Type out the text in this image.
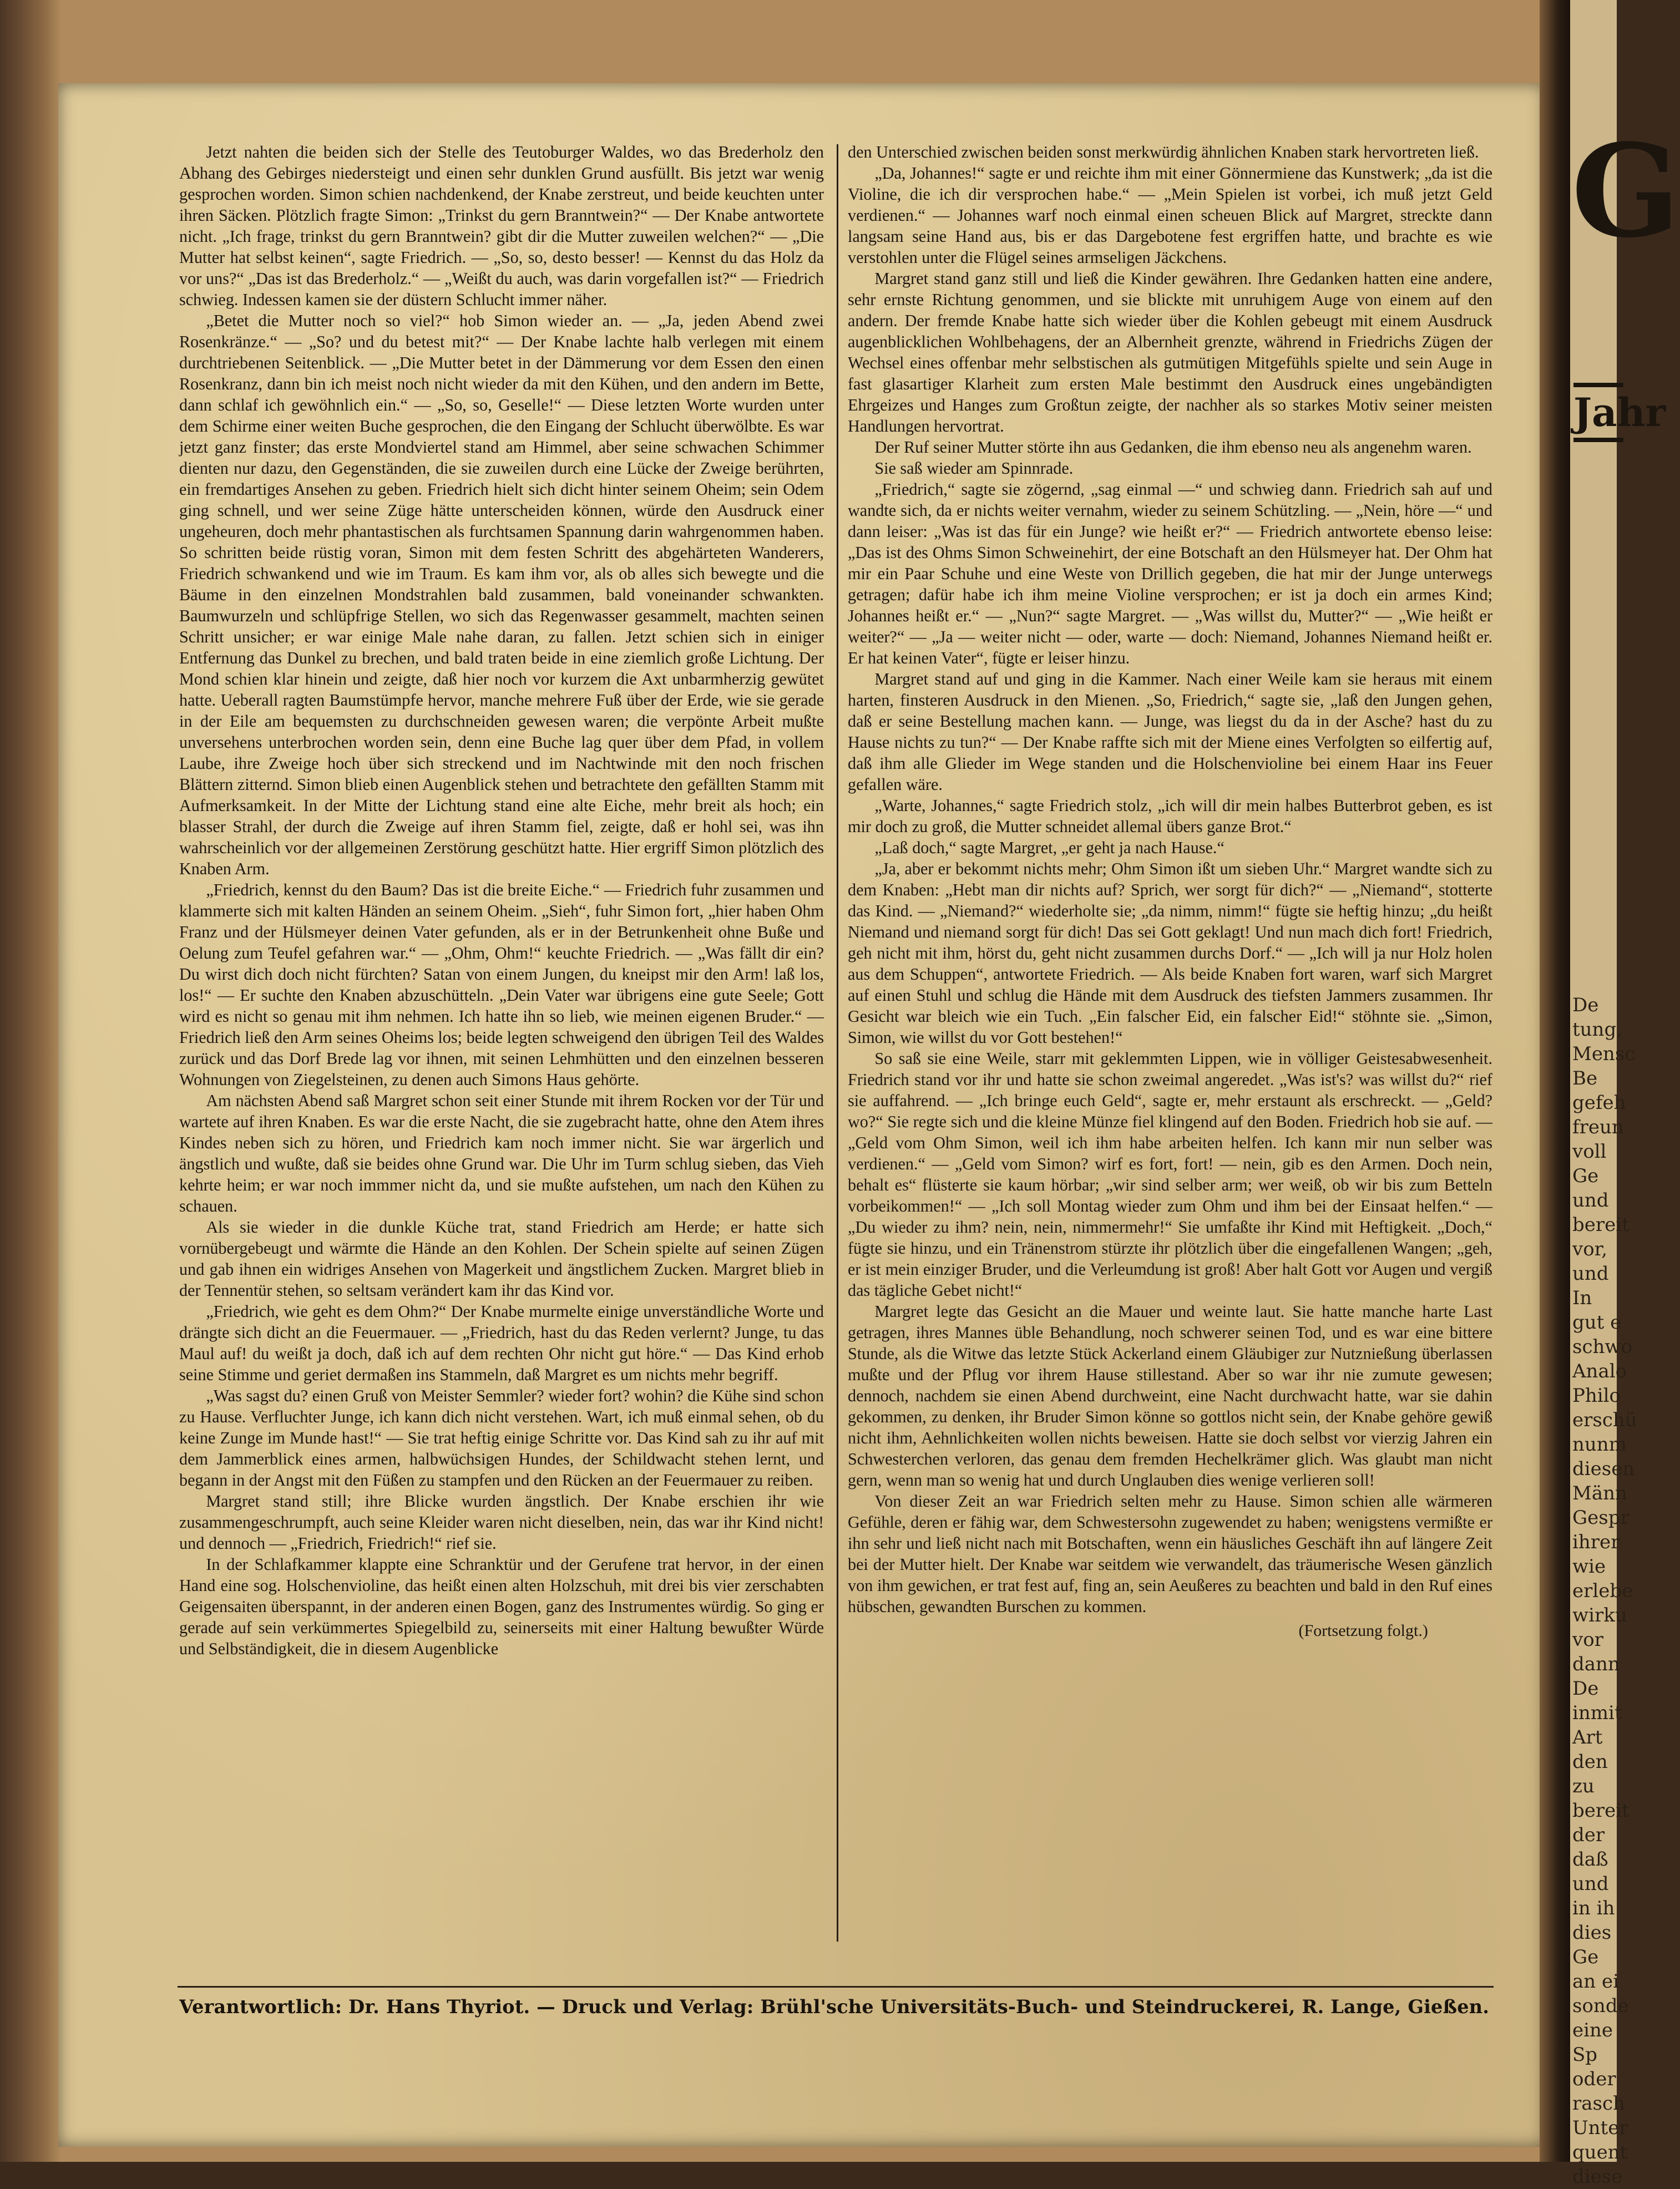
Jetzt nahten die beiden sich der Stelle des Teutoburger Waldes, wo das Brederholz den Abhang des Gebirges niedersteigt und einen sehr dunklen Grund ausfüllt. Bis jetzt war wenig gesprochen worden. Simon schien nachdenkend, der Knabe zerstreut, und beide keuchten unter ihren Säcken. Plötzlich fragte Simon: „Trinkst du gern Branntwein?“ — Der Knabe antwortete nicht. „Ich frage, trinkst du gern Branntwein? gibt dir die Mutter zuweilen welchen?“ — „Die Mutter hat selbst keinen“, sagte Friedrich. — „So, so, desto besser! — Kennst du das Holz da vor uns?“ „Das ist das Brederholz.“ — „Weißt du auch, was darin vorgefallen ist?“ — Friedrich schwieg. Indessen kamen sie der düstern Schlucht immer näher.

„Betet die Mutter noch so viel?“ hob Simon wieder an. — „Ja, jeden Abend zwei Rosenkränze.“ — „So? und du betest mit?“ — Der Knabe lachte halb verlegen mit einem durchtriebenen Seitenblick. — „Die Mutter betet in der Dämmerung vor dem Essen den einen Rosenkranz, dann bin ich meist noch nicht wieder da mit den Kühen, und den andern im Bette, dann schlaf ich gewöhnlich ein.“ — „So, so, Geselle!“ — Diese letzten Worte wurden unter dem Schirme einer weiten Buche gesprochen, die den Eingang der Schlucht überwölbte. Es war jetzt ganz finster; das erste Mondviertel stand am Himmel, aber seine schwachen Schimmer dienten nur dazu, den Gegenständen, die sie zuweilen durch eine Lücke der Zweige berührten, ein fremdartiges Ansehen zu geben. Friedrich hielt sich dicht hinter seinem Oheim; sein Odem ging schnell, und wer seine Züge hätte unterscheiden können, würde den Ausdruck einer ungeheuren, doch mehr phantastischen als furchtsamen Spannung darin wahrgenommen haben. So schritten beide rüstig voran, Simon mit dem festen Schritt des abgehärteten Wanderers, Friedrich schwankend und wie im Traum. Es kam ihm vor, als ob alles sich bewegte und die Bäume in den einzelnen Mondstrahlen bald zusammen, bald voneinander schwankten. Baumwurzeln und schlüpfrige Stellen, wo sich das Regenwasser gesammelt, machten seinen Schritt unsicher; er war einige Male nahe daran, zu fallen. Jetzt schien sich in einiger Entfernung das Dunkel zu brechen, und bald traten beide in eine ziemlich große Lichtung. Der Mond schien klar hinein und zeigte, daß hier noch vor kurzem die Axt unbarmherzig gewütet hatte. Ueberall ragten Baumstümpfe hervor, manche mehrere Fuß über der Erde, wie sie gerade in der Eile am bequemsten zu durchschneiden gewesen waren; die verpönte Arbeit mußte unversehens unterbrochen worden sein, denn eine Buche lag quer über dem Pfad, in vollem Laube, ihre Zweige hoch über sich streckend und im Nachtwinde mit den noch frischen Blättern zitternd. Simon blieb einen Augenblick stehen und betrachtete den gefällten Stamm mit Aufmerksamkeit. In der Mitte der Lichtung stand eine alte Eiche, mehr breit als hoch; ein blasser Strahl, der durch die Zweige auf ihren Stamm fiel, zeigte, daß er hohl sei, was ihn wahrscheinlich vor der allgemeinen Zerstörung geschützt hatte. Hier ergriff Simon plötzlich des Knaben Arm.

„Friedrich, kennst du den Baum? Das ist die breite Eiche.“ — Friedrich fuhr zusammen und klammerte sich mit kalten Händen an seinem Oheim. „Sieh“, fuhr Simon fort, „hier haben Ohm Franz und der Hülsmeyer deinen Vater gefunden, als er in der Betrunkenheit ohne Buße und Oelung zum Teufel gefahren war.“ — „Ohm, Ohm!“ keuchte Friedrich. — „Was fällt dir ein? Du wirst dich doch nicht fürchten? Satan von einem Jungen, du kneipst mir den Arm! laß los, los!“ — Er suchte den Knaben abzuschütteln. „Dein Vater war übrigens eine gute Seele; Gott wird es nicht so genau mit ihm nehmen. Ich hatte ihn so lieb, wie meinen eigenen Bruder.“ — Friedrich ließ den Arm seines Oheims los; beide legten schweigend den übrigen Teil des Waldes zurück und das Dorf Brede lag vor ihnen, mit seinen Lehmhütten und den einzelnen besseren Wohnungen von Ziegelsteinen, zu denen auch Simons Haus gehörte.

Am nächsten Abend saß Margret schon seit einer Stunde mit ihrem Rocken vor der Tür und wartete auf ihren Knaben. Es war die erste Nacht, die sie zugebracht hatte, ohne den Atem ihres Kindes neben sich zu hören, und Friedrich kam noch immer nicht. Sie war ärgerlich und ängstlich und wußte, daß sie beides ohne Grund war. Die Uhr im Turm schlug sieben, das Vieh kehrte heim; er war noch immmer nicht da, und sie mußte aufstehen, um nach den Kühen zu schauen.

Als sie wieder in die dunkle Küche trat, stand Friedrich am Herde; er hatte sich vornübergebeugt und wärmte die Hände an den Kohlen. Der Schein spielte auf seinen Zügen und gab ihnen ein widriges Ansehen von Magerkeit und ängstlichem Zucken. Margret blieb in der Tennentür stehen, so seltsam verändert kam ihr das Kind vor.

„Friedrich, wie geht es dem Ohm?“ Der Knabe murmelte einige unverständliche Worte und drängte sich dicht an die Feuermauer. — „Friedrich, hast du das Reden verlernt? Junge, tu das Maul auf! du weißt ja doch, daß ich auf dem rechten Ohr nicht gut höre.“ — Das Kind erhob seine Stimme und geriet dermaßen ins Stammeln, daß Margret es um nichts mehr begriff.

„Was sagst du? einen Gruß von Meister Semmler? wieder fort? wohin? die Kühe sind schon zu Hause. Verfluchter Junge, ich kann dich nicht verstehen. Wart, ich muß einmal sehen, ob du keine Zunge im Munde hast!“ — Sie trat heftig einige Schritte vor. Das Kind sah zu ihr auf mit dem Jammerblick eines armen, halbwüchsigen Hundes, der Schildwacht stehen lernt, und begann in der Angst mit den Füßen zu stampfen und den Rücken an der Feuermauer zu reiben.

Margret stand still; ihre Blicke wurden ängstlich. Der Knabe erschien ihr wie zusammengeschrumpft, auch seine Kleider waren nicht dieselben, nein, das war ihr Kind nicht! und dennoch — „Friedrich, Friedrich!“ rief sie.

In der Schlafkammer klappte eine Schranktür und der Gerufene trat hervor, in der einen Hand eine sog. Holschenvioline, das heißt einen alten Holzschuh, mit drei bis vier zerschabten Geigensaiten überspannt, in der anderen einen Bogen, ganz des Instrumentes würdig. So ging er gerade auf sein verkümmertes Spiegelbild zu, seinerseits mit einer Haltung bewußter Würde und Selbständigkeit, die in diesem Augenblicke

den Unterschied zwischen beiden sonst merkwürdig ähnlichen Knaben stark hervortreten ließ.

„Da, Johannes!“ sagte er und reichte ihm mit einer Gönnermiene das Kunstwerk; „da ist die Violine, die ich dir versprochen habe.“ — „Mein Spielen ist vorbei, ich muß jetzt Geld verdienen.“ — Johannes warf noch einmal einen scheuen Blick auf Margret, streckte dann langsam seine Hand aus, bis er das Dargebotene fest ergriffen hatte, und brachte es wie verstohlen unter die Flügel seines armseligen Jäckchens.

Margret stand ganz still und ließ die Kinder gewähren. Ihre Gedanken hatten eine andere, sehr ernste Richtung genommen, und sie blickte mit unruhigem Auge von einem auf den andern. Der fremde Knabe hatte sich wieder über die Kohlen gebeugt mit einem Ausdruck augenblicklichen Wohlbehagens, der an Albernheit grenzte, während in Friedrichs Zügen der Wechsel eines offenbar mehr selbstischen als gutmütigen Mitgefühls spielte und sein Auge in fast glasartiger Klarheit zum ersten Male bestimmt den Ausdruck eines ungebändigten Ehrgeizes und Hanges zum Großtun zeigte, der nachher als so starkes Motiv seiner meisten Handlungen hervortrat.

Der Ruf seiner Mutter störte ihn aus Gedanken, die ihm ebenso neu als angenehm waren.

Sie saß wieder am Spinnrade.

„Friedrich,“ sagte sie zögernd, „sag einmal —“ und schwieg dann. Friedrich sah auf und wandte sich, da er nichts weiter vernahm, wieder zu seinem Schützling. — „Nein, höre —“ und dann leiser: „Was ist das für ein Junge? wie heißt er?“ — Friedrich antwortete ebenso leise: „Das ist des Ohms Simon Schweinehirt, der eine Botschaft an den Hülsmeyer hat. Der Ohm hat mir ein Paar Schuhe und eine Weste von Drillich gegeben, die hat mir der Junge unterwegs getragen; dafür habe ich ihm meine Violine versprochen; er ist ja doch ein armes Kind; Johannes heißt er.“ — „Nun?“ sagte Margret. — „Was willst du, Mutter?“ — „Wie heißt er weiter?“ — „Ja — weiter nicht — oder, warte — doch: Niemand, Johannes Niemand heißt er. Er hat keinen Vater“, fügte er leiser hinzu.

Margret stand auf und ging in die Kammer. Nach einer Weile kam sie heraus mit einem harten, finsteren Ausdruck in den Mienen. „So, Friedrich,“ sagte sie, „laß den Jungen gehen, daß er seine Bestellung machen kann. — Junge, was liegst du da in der Asche? hast du zu Hause nichts zu tun?“ — Der Knabe raffte sich mit der Miene eines Verfolgten so eilfertig auf, daß ihm alle Glieder im Wege standen und die Holschenvioline bei einem Haar ins Feuer gefallen wäre.

„Warte, Johannes,“ sagte Friedrich stolz, „ich will dir mein halbes Butterbrot geben, es ist mir doch zu groß, die Mutter schneidet allemal übers ganze Brot.“

„Laß doch,“ sagte Margret, „er geht ja nach Hause.“

„Ja, aber er bekommt nichts mehr; Ohm Simon ißt um sieben Uhr.“ Margret wandte sich zu dem Knaben: „Hebt man dir nichts auf? Sprich, wer sorgt für dich?“ — „Niemand“, stotterte das Kind. — „Niemand?“ wiederholte sie; „da nimm, nimm!“ fügte sie heftig hinzu; „du heißt Niemand und niemand sorgt für dich! Das sei Gott geklagt! Und nun mach dich fort! Friedrich, geh nicht mit ihm, hörst du, geht nicht zusammen durchs Dorf.“ — „Ich will ja nur Holz holen aus dem Schuppen“, antwortete Friedrich. — Als beide Knaben fort waren, warf sich Margret auf einen Stuhl und schlug die Hände mit dem Ausdruck des tiefsten Jammers zusammen. Ihr Gesicht war bleich wie ein Tuch. „Ein falscher Eid, ein falscher Eid!“ stöhnte sie. „Simon, Simon, wie willst du vor Gott bestehen!“

So saß sie eine Weile, starr mit geklemmten Lippen, wie in völliger Geistesabwesenheit. Friedrich stand vor ihr und hatte sie schon zweimal angeredet. „Was ist's? was willst du?“ rief sie auffahrend. — „Ich bringe euch Geld“, sagte er, mehr erstaunt als erschreckt. — „Geld? wo?“ Sie regte sich und die kleine Münze fiel klingend auf den Boden. Friedrich hob sie auf. — „Geld vom Ohm Simon, weil ich ihm habe arbeiten helfen. Ich kann mir nun selber was verdienen.“ — „Geld vom Simon? wirf es fort, fort! — nein, gib es den Armen. Doch nein, behalt es“ flüsterte sie kaum hörbar; „wir sind selber arm; wer weiß, ob wir bis zum Betteln vorbeikommen!“ — „Ich soll Montag wieder zum Ohm und ihm bei der Einsaat helfen.“ — „Du wieder zu ihm? nein, nein, nimmermehr!“ Sie umfaßte ihr Kind mit Heftigkeit. „Doch,“ fügte sie hinzu, und ein Tränenstrom stürzte ihr plötzlich über die eingefallenen Wangen; „geh, er ist mein einziger Bruder, und die Verleumdung ist groß! Aber halt Gott vor Augen und vergiß das tägliche Gebet nicht!“

Margret legte das Gesicht an die Mauer und weinte laut. Sie hatte manche harte Last getragen, ihres Mannes üble Behandlung, noch schwerer seinen Tod, und es war eine bittere Stunde, als die Witwe das letzte Stück Ackerland einem Gläubiger zur Nutznießung überlassen mußte und der Pflug vor ihrem Hause stillestand. Aber so war ihr nie zumute gewesen; dennoch, nachdem sie einen Abend durchweint, eine Nacht durchwacht hatte, war sie dahin gekommen, zu denken, ihr Bruder Simon könne so gottlos nicht sein, der Knabe gehöre gewiß nicht ihm, Aehnlichkeiten wollen nichts beweisen. Hatte sie doch selbst vor vierzig Jahren ein Schwesterchen verloren, das genau dem fremden Hechelkrämer glich. Was glaubt man nicht gern, wenn man so wenig hat und durch Unglauben dies wenige verlieren soll!

Von dieser Zeit an war Friedrich selten mehr zu Hause. Simon schien alle wärmeren Gefühle, deren er fähig war, dem Schwestersohn zugewendet zu haben; wenigstens vermißte er ihn sehr und ließ nicht nach mit Botschaften, wenn ein häusliches Geschäft ihn auf längere Zeit bei der Mutter hielt. Der Knabe war seitdem wie verwandelt, das träumerische Wesen gänzlich von ihm gewichen, er trat fest auf, fing an, sein Aeußeres zu beachten und bald in den Ruf eines hübschen, gewandten Burschen zu kommen.

(Fortsetzung folgt.)
Verantwortlich: Dr. Hans Thyriot. — Druck und Verlag: Brühl'sche Universitäts-Buch- und Steindruckerei, R. Lange, Gießen.
G
Jahr
De
tung,
Mensc
Be
gefeh
freun
voll
Ge
und
bereit
vor,
und
In
gut e
schwo
Analo
Philo
erschü
nunm
diesen
Männ
Gespr
ihrer
wie
erlebe
wirku
vor
dann
De
inmit
Art
den
zu
bereit
der
daß
und
in ih
dies
Ge
an ei
sonde
eine
Sp
oder
rasch
Unter
quent
diese
